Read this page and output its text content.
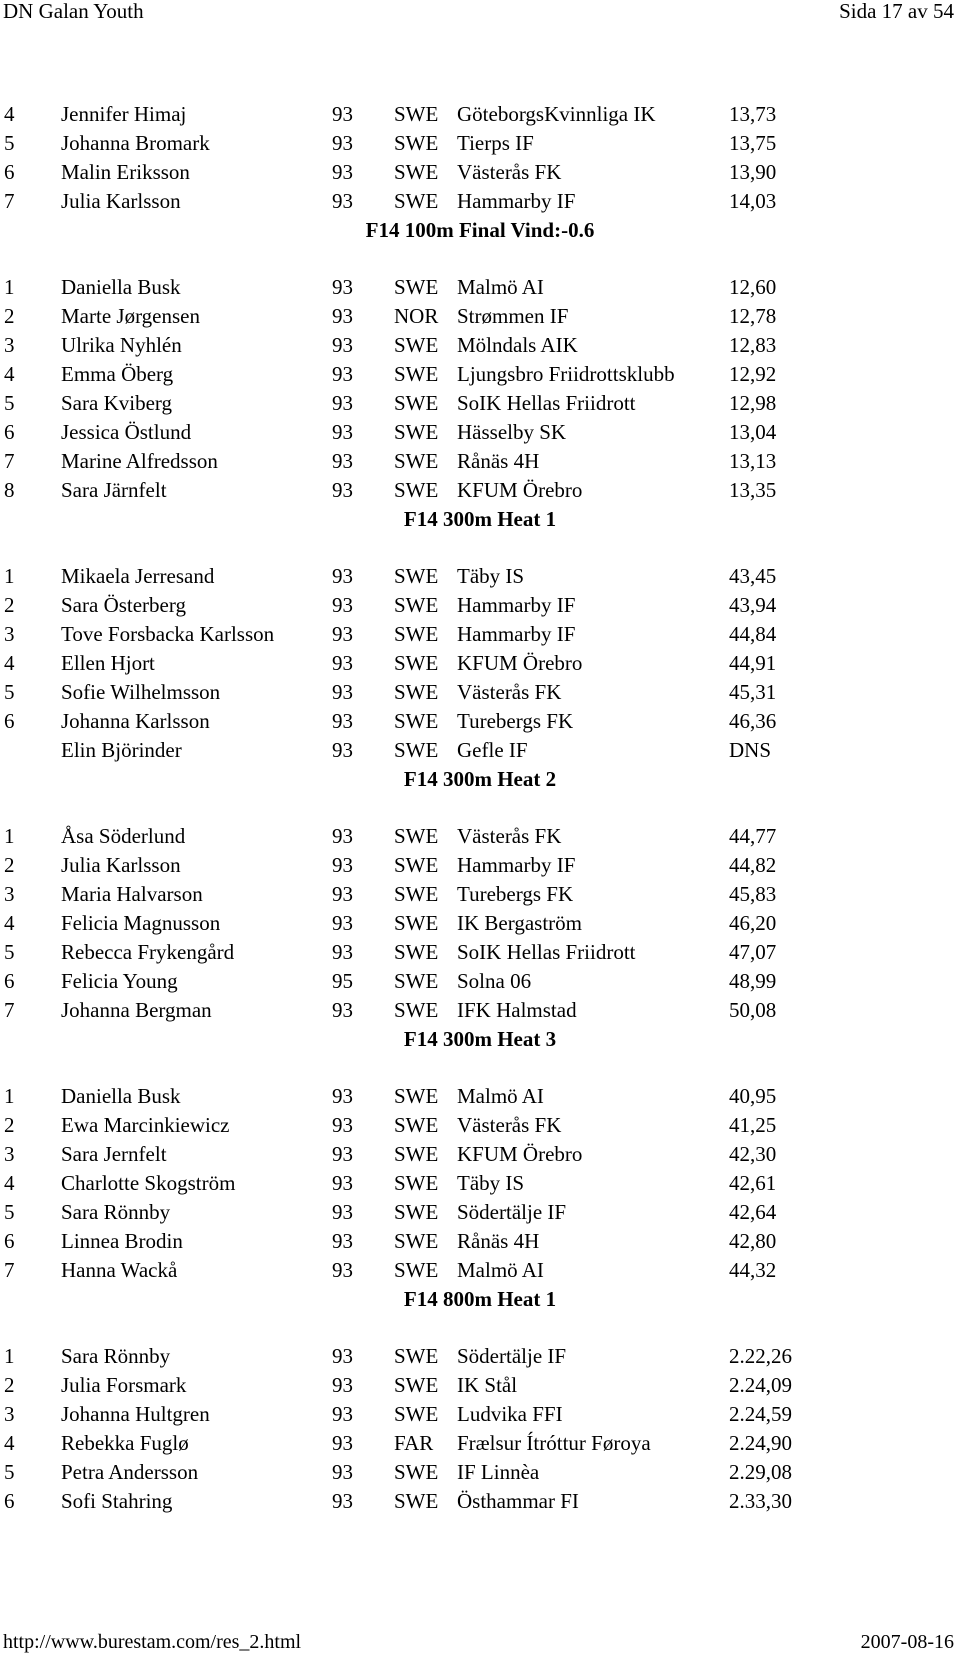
DN Galan Youth	Sida 17 av 54
4 Jennifer Himaj	93 SWE GöteborgsKvinnliga IK	13,73
5 Johanna Bromark	93 SWE Tierps IF	13,75
6 Malin Eriksson	93 SWE Västerås FK	13,90
7 Julia Karlsson	93 SWE Hammarby IF	14,03
F14 100m Final Vind:-0.6
1 Daniella Busk	93 SWE Malmö AI	12,60
2 Marte Jørgensen	93 NOR Strømmen IF	12,78
3 Ulrika Nyhlén	93 SWE Mölndals AIK	12,83
4 Emma Öberg	93 SWE Ljungsbro Friidrottsklubb	12,92
5 Sara Kviberg	93 SWE SoIK Hellas Friidrott	12,98
6 Jessica Östlund	93 SWE Hässelby SK	13,04
7 Marine Alfredsson	93 SWE Rånäs 4H	13,13
8 Sara Järnfelt	93 SWE KFUM Örebro	13,35
F14 300m Heat 1
1 Mikaela Jerresand	93 SWE Täby IS	43,45
2 Sara Österberg	93 SWE Hammarby IF	43,94
3 Tove Forsbacka Karlsson	93 SWE Hammarby IF	44,84
4 Ellen Hjort	93 SWE KFUM Örebro	44,91
5 Sofie Wilhelmsson	93 SWE Västerås FK	45,31
6 Johanna Karlsson	93 SWE Turebergs FK	46,36
Elin Björinder	93 SWE Gefle IF	DNS
F14 300m Heat 2
1 Åsa Söderlund	93 SWE Västerås FK	44,77
2 Julia Karlsson	93 SWE Hammarby IF	44,82
3 Maria Halvarson	93 SWE Turebergs FK	45,83
4 Felicia Magnusson	93 SWE IK Bergaström	46,20
5 Rebecca Frykengård	93 SWE SoIK Hellas Friidrott	47,07
6 Felicia Young	95 SWE Solna 06	48,99
7 Johanna Bergman	93 SWE IFK Halmstad	50,08
F14 300m Heat 3
1 Daniella Busk	93 SWE Malmö AI	40,95
2 Ewa Marcinkiewicz	93 SWE Västerås FK	41,25
3 Sara Jernfelt	93 SWE KFUM Örebro	42,30
4 Charlotte Skogström	93 SWE Täby IS	42,61
5 Sara Rönnby	93 SWE Södertälje IF	42,64
6 Linnea Brodin	93 SWE Rånäs 4H	42,80
7 Hanna Wackå	93 SWE Malmö AI	44,32
F14 800m Heat 1
1 Sara Rönnby	93 SWE Södertälje IF	2.22,26
2 Julia Forsmark	93 SWE IK Stål	2.24,09
3 Johanna Hultgren	93 SWE Ludvika FFI	2.24,59
4 Rebekka Fuglø	93 FAR Frælsur Ítróttur Føroya	2.24,90
5 Petra Andersson	93 SWE IF Linnèa	2.29,08
6 Sofi Stahring	93 SWE Östhammar FI	2.33,30
http://www.burestam.com/res_2.html	2007-08-16
